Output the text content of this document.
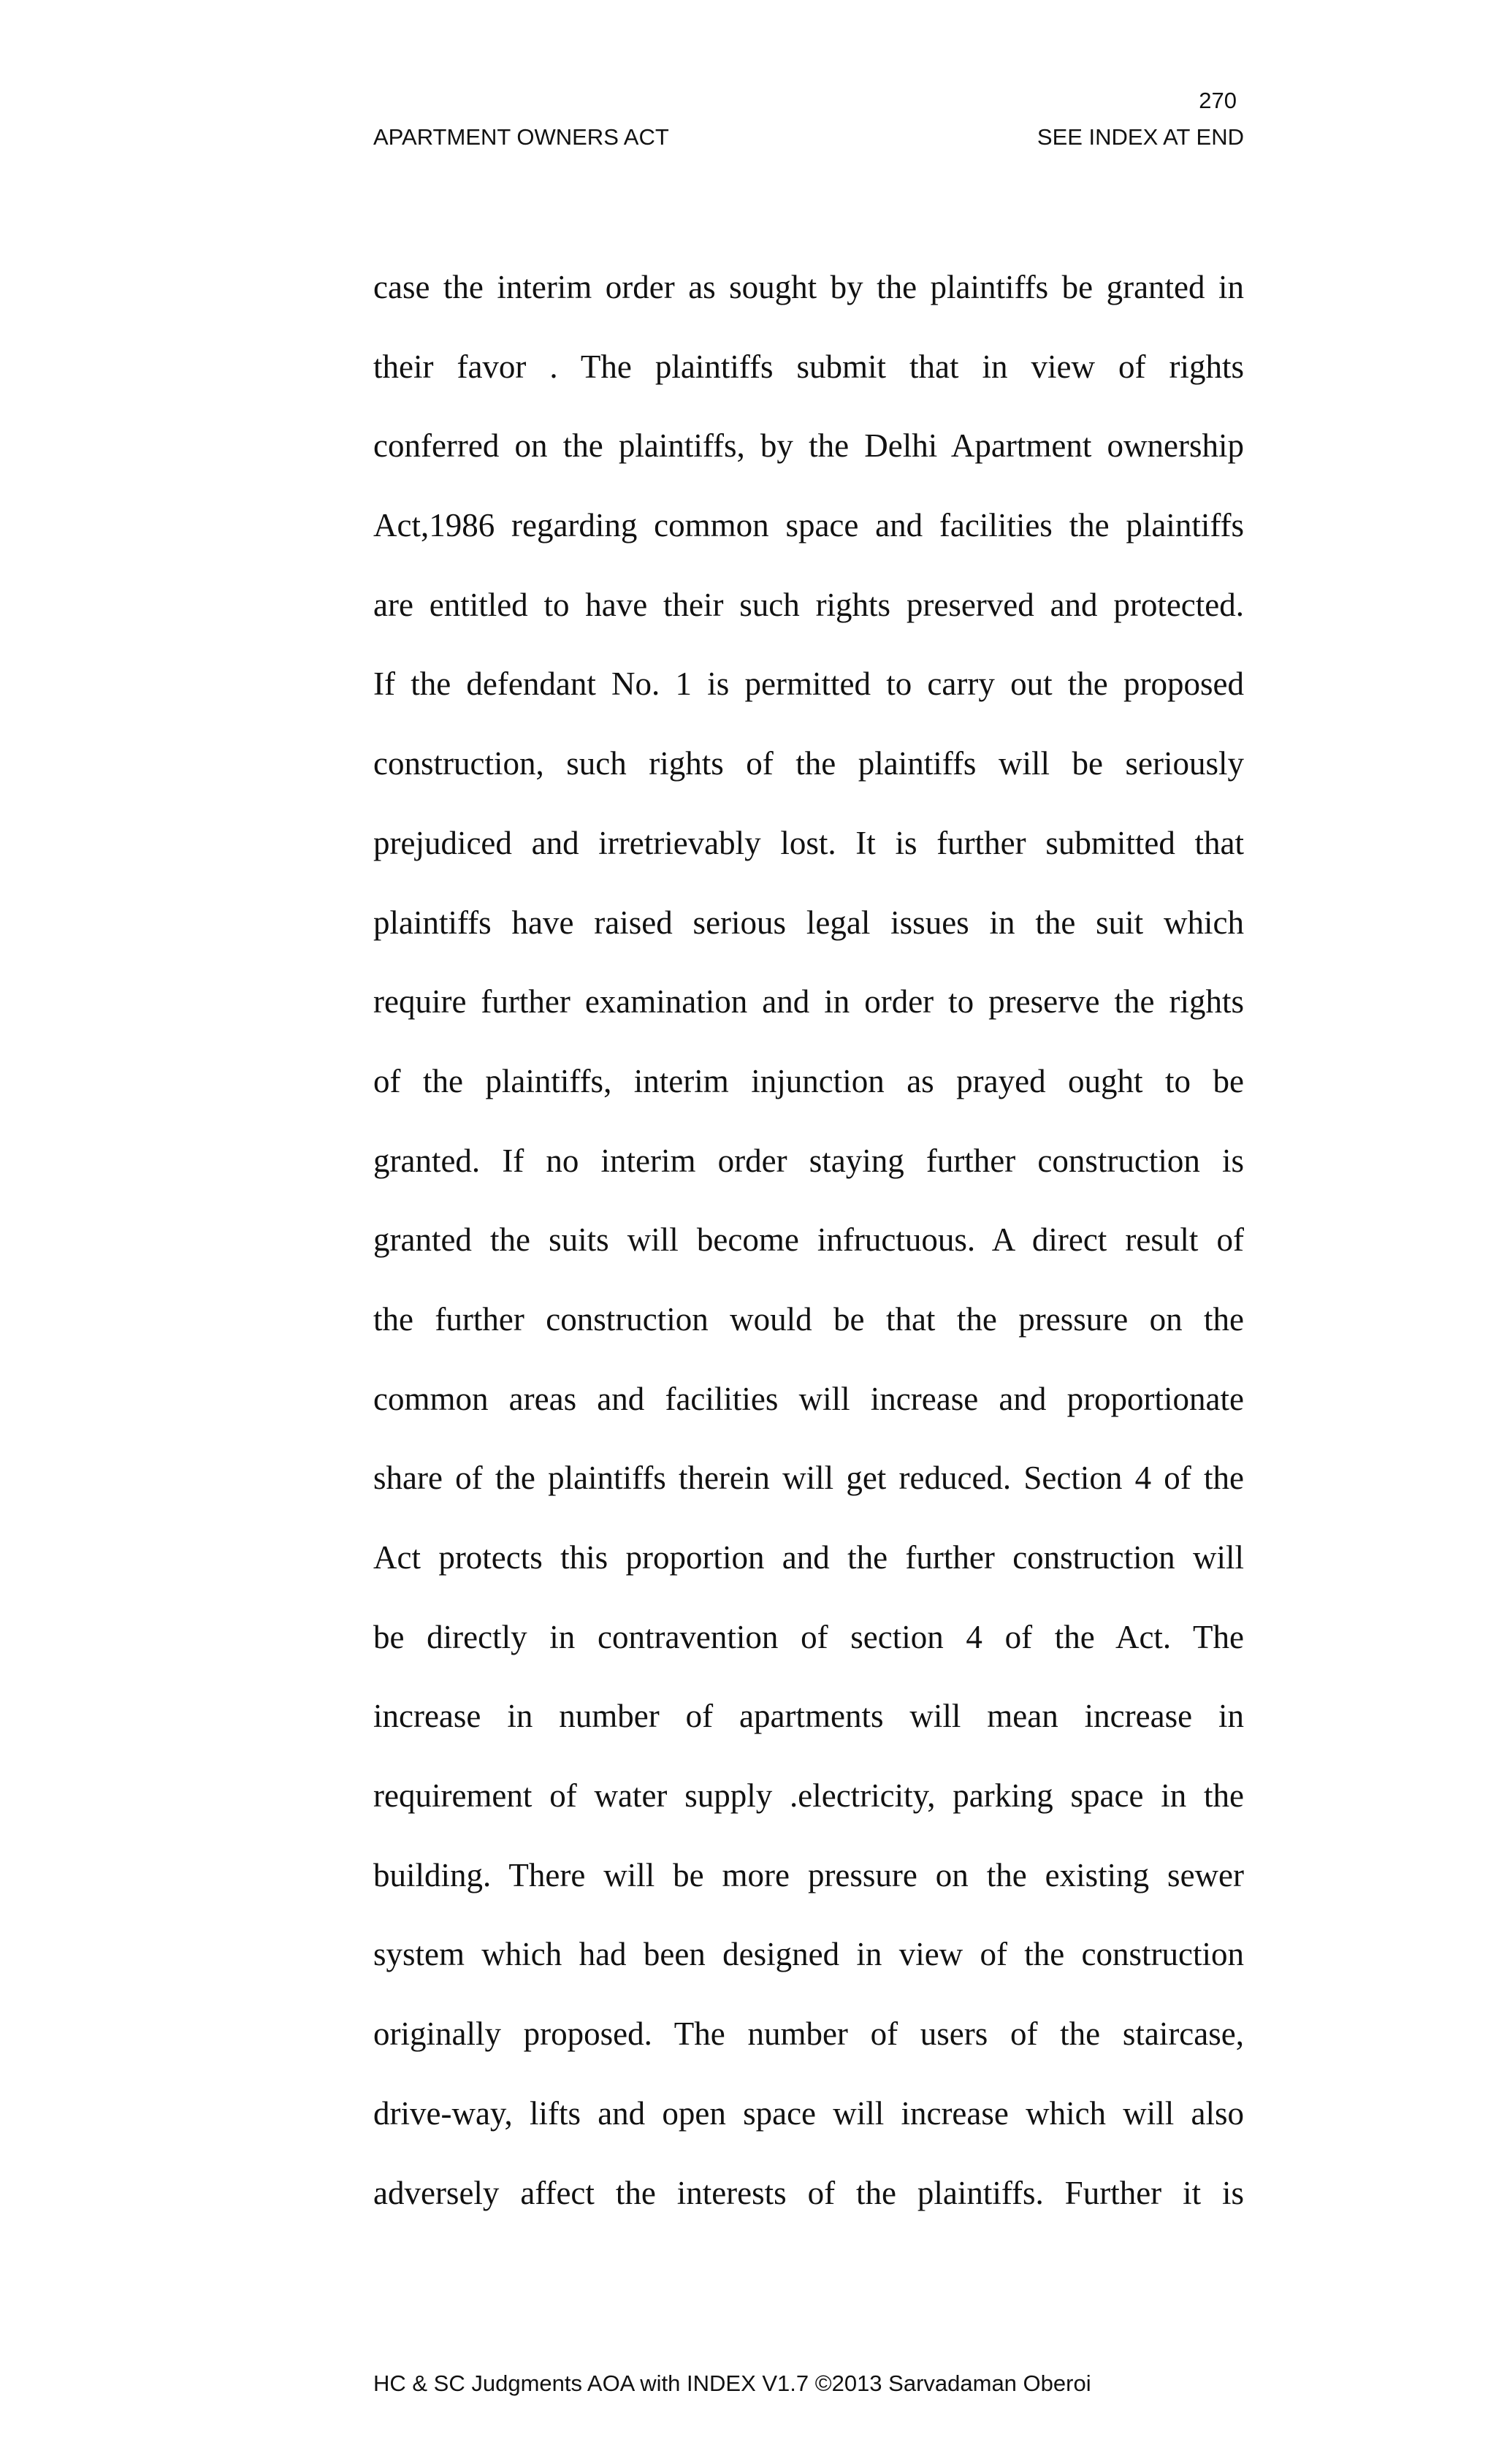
270
APARTMENT OWNERS ACT	SEE INDEX AT END
case the interim order as sought by the plaintiffs be granted in
their favor . The plaintiffs submit that in view of rights
conferred on the plaintiffs, by the Delhi Apartment ownership
Act,1986 regarding common space and facilities the plaintiffs
are entitled to have their such rights preserved and protected.
If the defendant No. 1 is permitted to carry out the proposed
construction, such rights of the plaintiffs will be seriously
prejudiced and irretrievably lost. It is further submitted that
plaintiffs have raised serious legal issues in the suit which
require further examination and in order to preserve the rights
of the plaintiffs, interim injunction as prayed ought to be
granted. If no interim order staying further construction is
granted the suits will become infructuous. A direct result of
the further construction would be that the pressure on the
common areas and facilities will increase and proportionate
share of the plaintiffs therein will get reduced. Section 4 of the
Act protects this proportion and the further construction will
be directly in contravention of section 4 of the Act. The
increase in number of apartments will mean increase in
requirement of water supply .electricity, parking space in the
building. There will be more pressure on the existing sewer
system which had been designed in view of the construction
originally proposed. The number of users of the staircase,
drive-way, lifts and open space will increase which will also
adversely affect the interests of the plaintiffs. Further it is
HC & SC Judgments AOA with INDEX V1.7 ©2013 Sarvadaman Oberoi
